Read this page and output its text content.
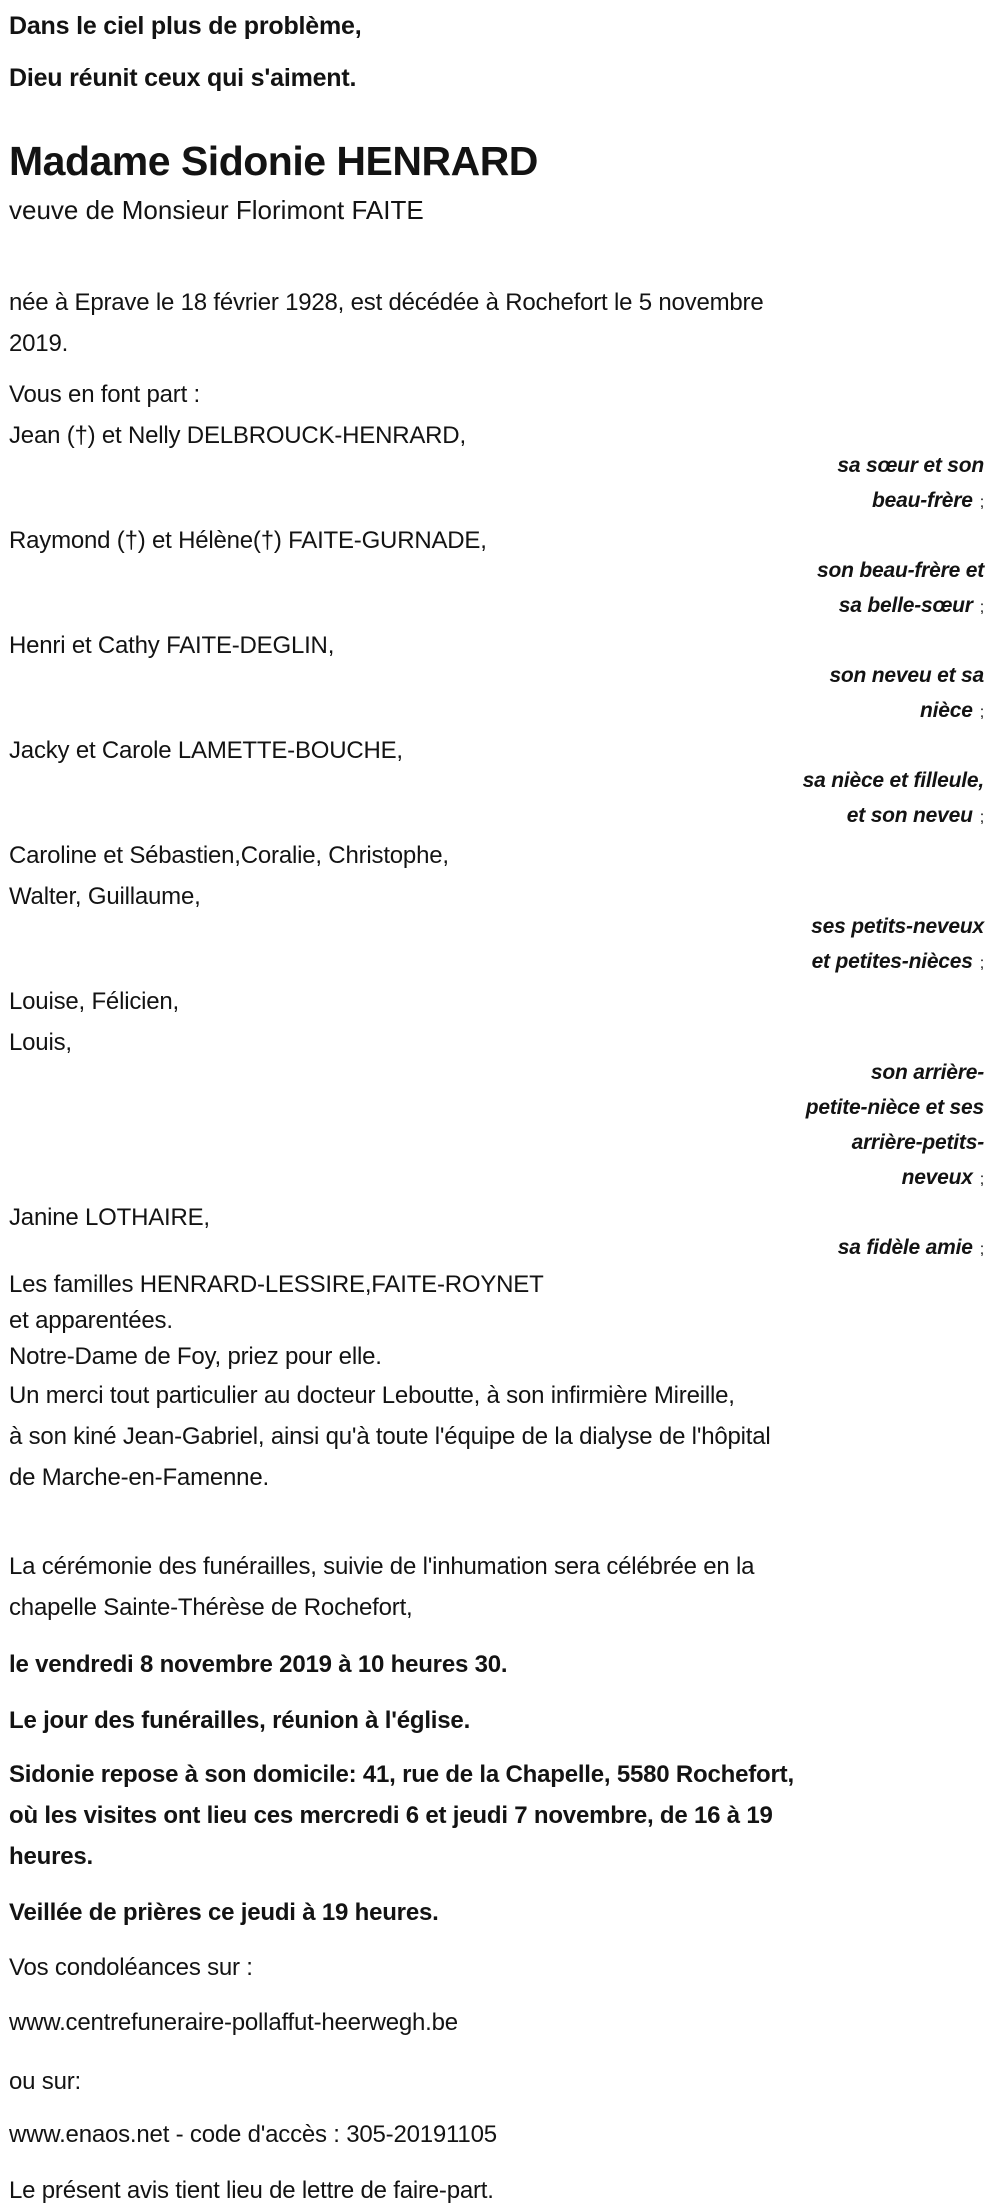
Dans le ciel plus de problème,
Dieu réunit ceux qui s'aiment.
Madame Sidonie HENRARD
veuve de Monsieur Florimont FAITE
née à Eprave le 18 février 1928, est décédée à Rochefort le 5 novembre
2019.
Vous en font part :
Jean (†) et Nelly DELBROUCK-HENRARD,
sa sœur et son
beau-frère ;
Raymond (†) et Hélène(†) FAITE-GURNADE,
son beau-frère et
sa belle-sœur ;
Henri et Cathy FAITE-DEGLIN,
son neveu et sa
nièce ;
Jacky et Carole LAMETTE-BOUCHE,
sa nièce et filleule,
et son neveu ;
Caroline et Sébastien,Coralie, Christophe,
Walter, Guillaume,
ses petits-neveux
et petites-nièces ;
Louise, Félicien,
Louis,
son arrière-
petite-nièce et ses
arrière-petits-
neveux ;
Janine LOTHAIRE,
sa fidèle amie ;
Les familles HENRARD-LESSIRE,FAITE-ROYNET
et apparentées.
Notre-Dame de Foy, priez pour elle.
Un merci tout particulier au docteur Leboutte, à son infirmière Mireille,
à son kiné Jean-Gabriel, ainsi qu'à toute l'équipe de la dialyse de l'hôpital
de Marche-en-Famenne.
La cérémonie des funérailles, suivie de l'inhumation sera célébrée en la
chapelle Sainte-Thérèse de Rochefort,
le vendredi 8 novembre 2019 à 10 heures 30.
Le jour des funérailles, réunion à l'église.
Sidonie repose à son domicile: 41, rue de la Chapelle, 5580 Rochefort,
où les visites ont lieu ces mercredi 6 et jeudi 7 novembre, de 16 à 19
heures.
Veillée de prières ce jeudi à 19 heures.
Vos condoléances sur :
www.centrefuneraire-pollaffut-heerwegh.be
ou sur:
www.enaos.net - code d'accès : 305-20191105
Le présent avis tient lieu de lettre de faire-part.
